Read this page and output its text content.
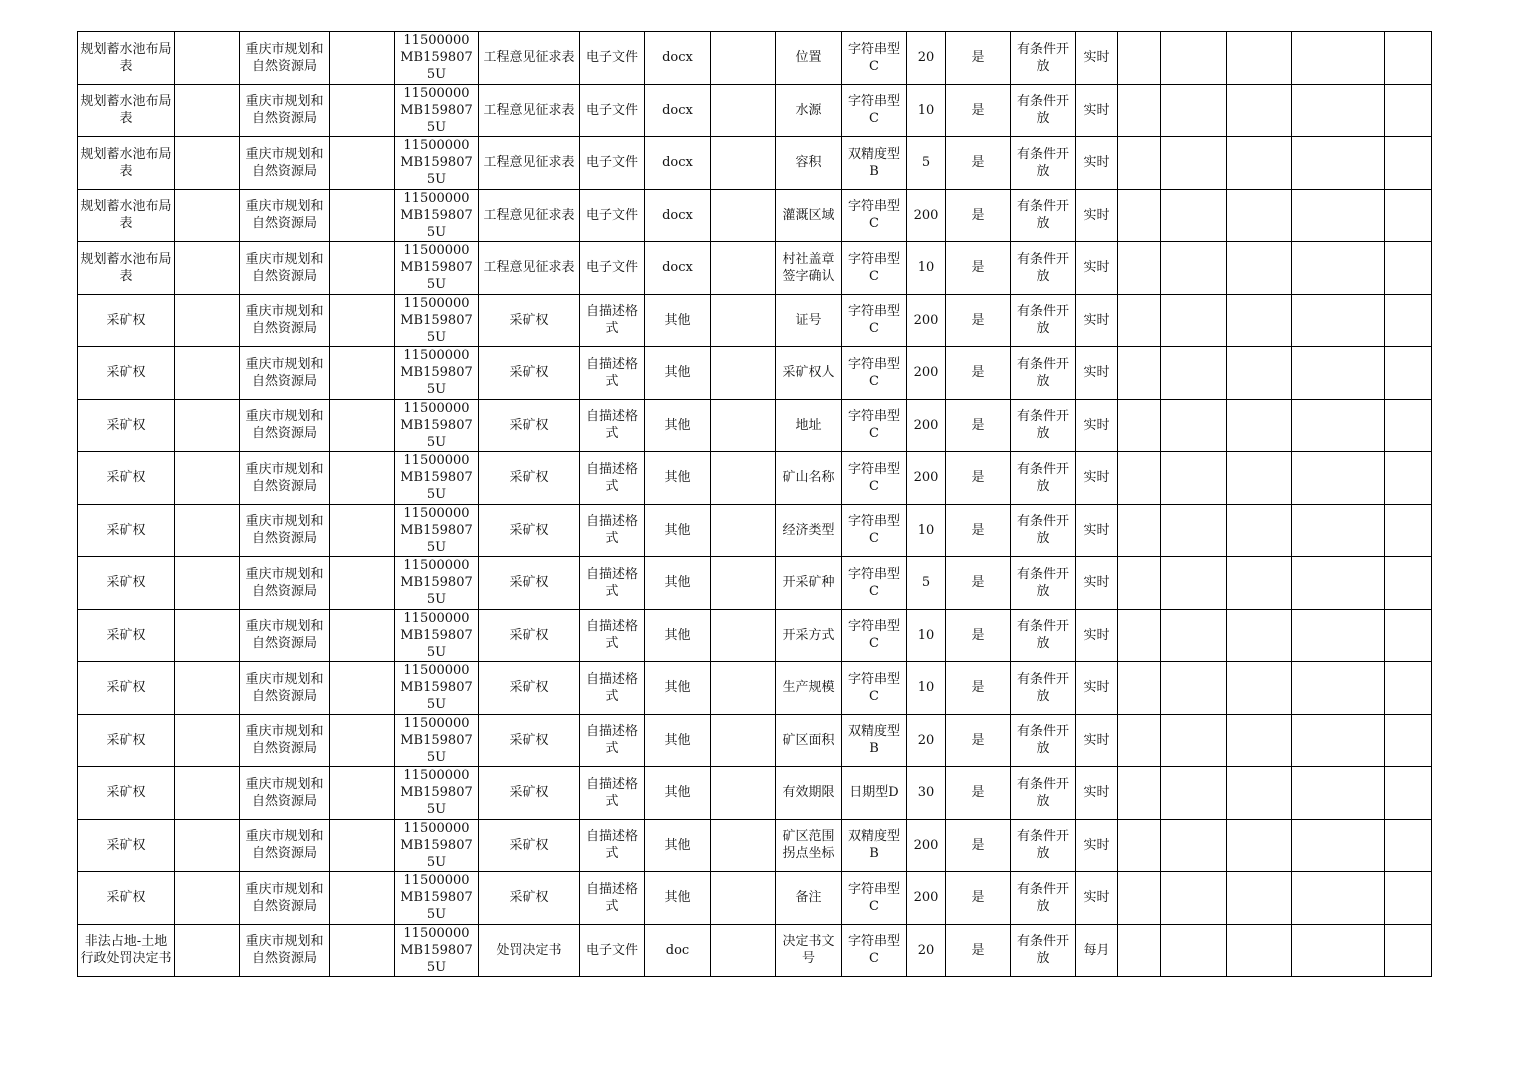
规划蓄水池布局表		重庆市规划和自然资源局		11500000MB1598075U	工程意见征求表	电子文件	docx		位置	字符串型C	20	是	有条件开放	实时					
规划蓄水池布局表		重庆市规划和自然资源局		11500000MB1598075U	工程意见征求表	电子文件	docx		水源	字符串型C	10	是	有条件开放	实时					
规划蓄水池布局表		重庆市规划和自然资源局		11500000MB1598075U	工程意见征求表	电子文件	docx		容积	双精度型B	5	是	有条件开放	实时					
规划蓄水池布局表		重庆市规划和自然资源局		11500000MB1598075U	工程意见征求表	电子文件	docx		灌溉区域	字符串型C	200	是	有条件开放	实时					
规划蓄水池布局表		重庆市规划和自然资源局		11500000MB1598075U	工程意见征求表	电子文件	docx		村社盖章签字确认	字符串型C	10	是	有条件开放	实时					
采矿权		重庆市规划和自然资源局		11500000MB1598075U	采矿权	自描述格式	其他		证号	字符串型C	200	是	有条件开放	实时					
采矿权		重庆市规划和自然资源局		11500000MB1598075U	采矿权	自描述格式	其他		采矿权人	字符串型C	200	是	有条件开放	实时					
采矿权		重庆市规划和自然资源局		11500000MB1598075U	采矿权	自描述格式	其他		地址	字符串型C	200	是	有条件开放	实时					
采矿权		重庆市规划和自然资源局		11500000MB1598075U	采矿权	自描述格式	其他		矿山名称	字符串型C	200	是	有条件开放	实时					
采矿权		重庆市规划和自然资源局		11500000MB1598075U	采矿权	自描述格式	其他		经济类型	字符串型C	10	是	有条件开放	实时					
采矿权		重庆市规划和自然资源局		11500000MB1598075U	采矿权	自描述格式	其他		开采矿种	字符串型C	5	是	有条件开放	实时					
采矿权		重庆市规划和自然资源局		11500000MB1598075U	采矿权	自描述格式	其他		开采方式	字符串型C	10	是	有条件开放	实时					
采矿权		重庆市规划和自然资源局		11500000MB1598075U	采矿权	自描述格式	其他		生产规模	字符串型C	10	是	有条件开放	实时					
采矿权		重庆市规划和自然资源局		11500000MB1598075U	采矿权	自描述格式	其他		矿区面积	双精度型B	20	是	有条件开放	实时					
采矿权		重庆市规划和自然资源局		11500000MB1598075U	采矿权	自描述格式	其他		有效期限	日期型D	30	是	有条件开放	实时					
采矿权		重庆市规划和自然资源局		11500000MB1598075U	采矿权	自描述格式	其他		矿区范围拐点坐标	双精度型B	200	是	有条件开放	实时					
采矿权		重庆市规划和自然资源局		11500000MB1598075U	采矿权	自描述格式	其他		备注	字符串型C	200	是	有条件开放	实时					
非法占地-土地行政处罚决定书		重庆市规划和自然资源局		11500000MB1598075U	处罚决定书	电子文件	doc		决定书文号	字符串型C	20	是	有条件开放	每月					
